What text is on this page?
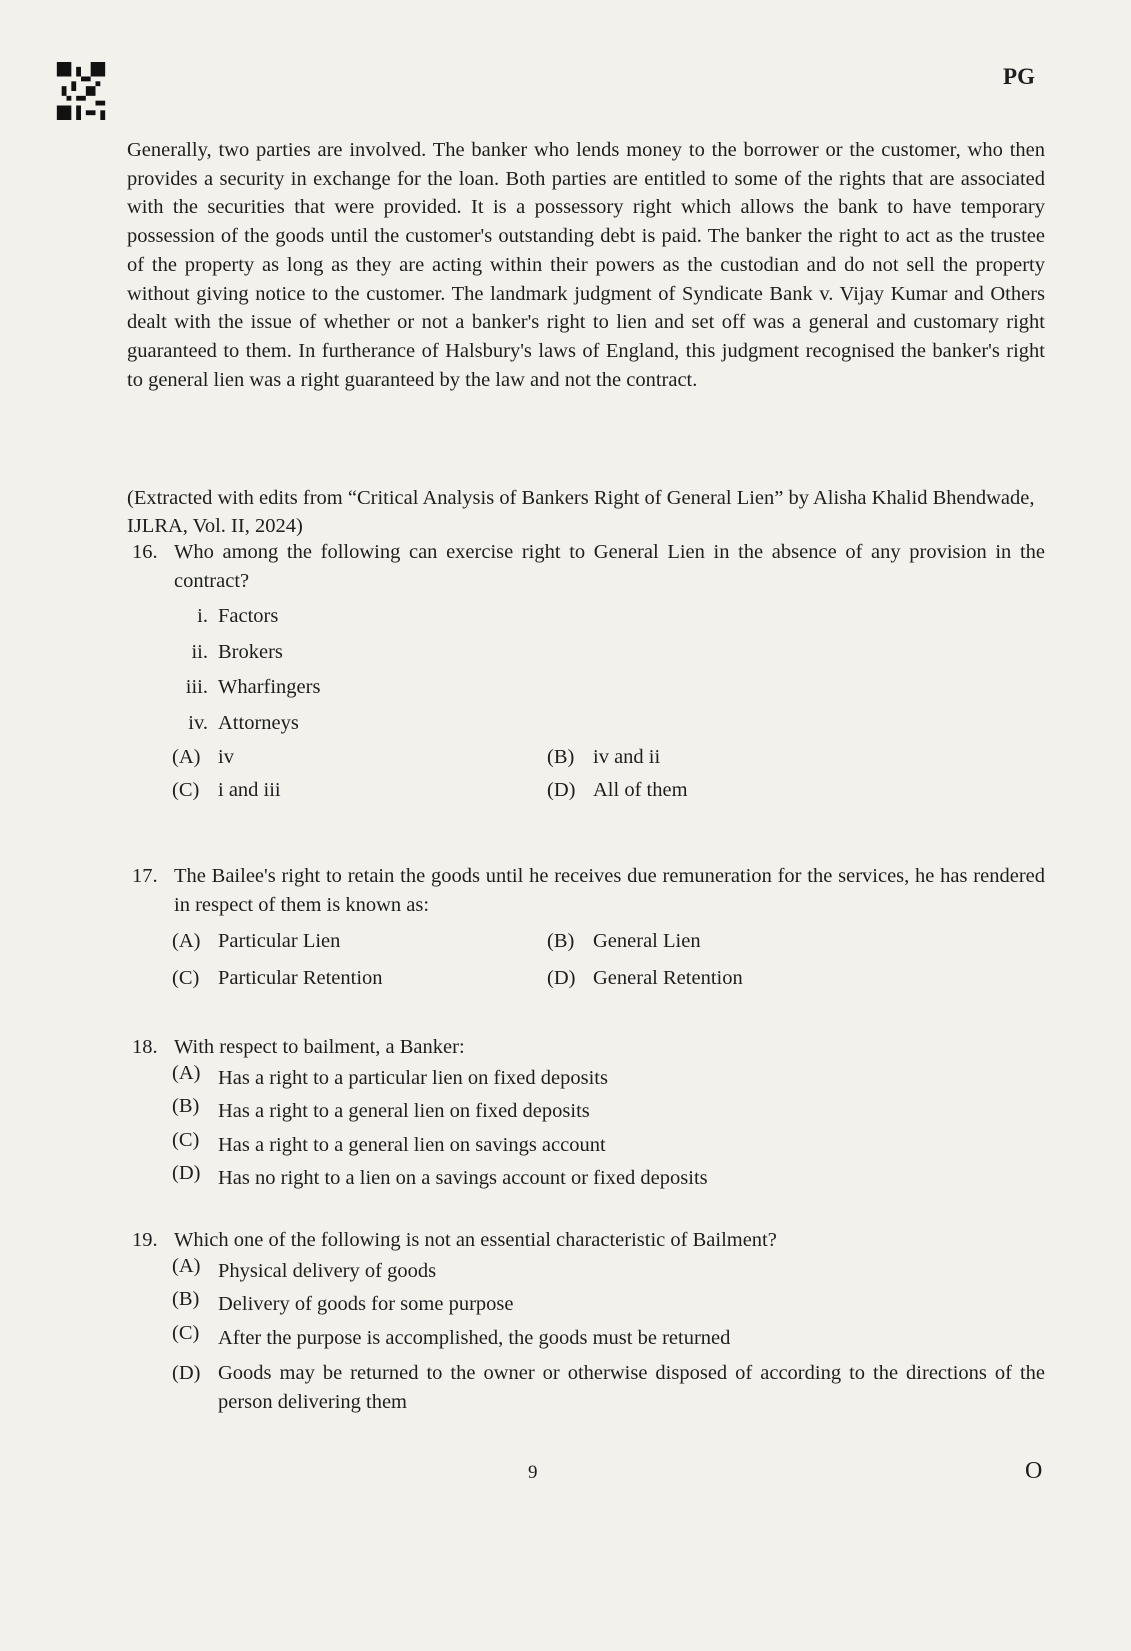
PG

Generally, two parties are involved. The banker who lends money to the borrower or the customer, who then provides a security in exchange for the loan. Both parties are entitled to some of the rights that are associated with the securities that were provided. It is a possessory right which allows the bank to have temporary possession of the goods until the customer's outstanding debt is paid. The banker the right to act as the trustee of the property as long as they are acting within their powers as the custodian and do not sell the property without giving notice to the customer. The landmark judgment of Syndicate Bank v. Vijay Kumar and Others dealt with the issue of whether or not a banker's right to lien and set off was a general and customary right guaranteed to them. In furtherance of Halsbury's laws of England, this judgment recognised the banker's right to general lien was a right guaranteed by the law and not the contract.

(Extracted with edits from “Critical Analysis of Bankers Right of General Lien” by Alisha Khalid Bhendwade, IJLRA, Vol. II, 2024)

16. Who among the following can exercise right to General Lien in the absence of any provision in the contract?
i. Factors
ii. Brokers
iii. Wharfingers
iv. Attorneys
(A) iv	(B) iv and ii
(C) i and iii	(D) All of them
17. The Bailee's right to retain the goods until he receives due remuneration for the services, he has rendered in respect of them is known as:
(A) Particular Lien	(B) General Lien
(C) Particular Retention	(D) General Retention
18. With respect to bailment, a Banker:
(A) Has a right to a particular lien on fixed deposits
(B) Has a right to a general lien on fixed deposits
(C) Has a right to a general lien on savings account
(D) Has no right to a lien on a savings account or fixed deposits
19. Which one of the following is not an essential characteristic of Bailment?
(A) Physical delivery of goods
(B) Delivery of goods for some purpose
(C) After the purpose is accomplished, the goods must be returned
(D) Goods may be returned to the owner or otherwise disposed of according to the directions of the person delivering them
9	O
